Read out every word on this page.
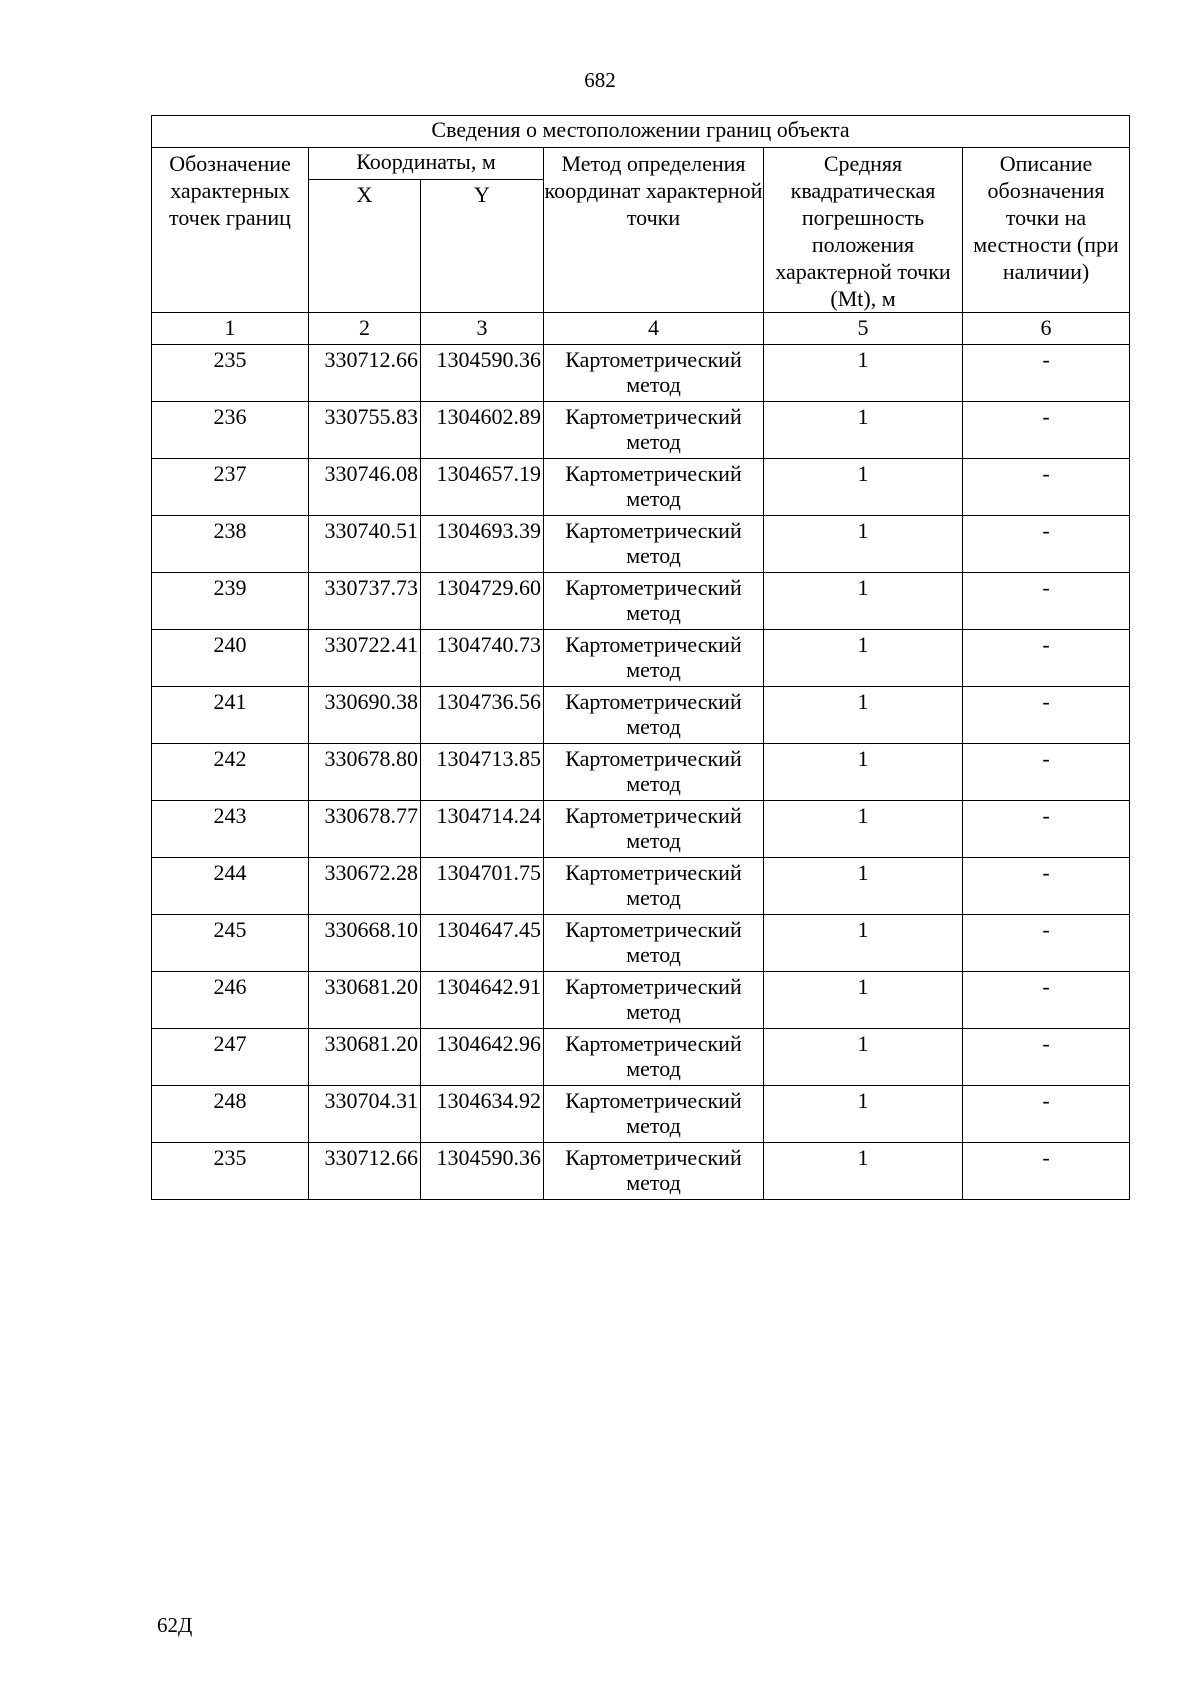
682
Сведения о местоположении границ объекта					

Обозначение характерных точек границ	Координаты, м		Метод определения координат характерной точки	Средняя квадратическая погрешность положения характерной точки (Mt), м	Описание обозначения точки на местности (при наличии)

	X	Y			

1	2	3	4	5	6

235	330712.66	1304590.36	Картометрический метод	1	-

236	330755.83	1304602.89	Картометрический метод	1	-

237	330746.08	1304657.19	Картометрический метод	1	-

238	330740.51	1304693.39	Картометрический метод	1	-

239	330737.73	1304729.60	Картометрический метод	1	-

240	330722.41	1304740.73	Картометрический метод	1	-

241	330690.38	1304736.56	Картометрический метод	1	-

242	330678.80	1304713.85	Картометрический метод	1	-

243	330678.77	1304714.24	Картометрический метод	1	-

244	330672.28	1304701.75	Картометрический метод	1	-

245	330668.10	1304647.45	Картометрический метод	1	-

246	330681.20	1304642.91	Картометрический метод	1	-

247	330681.20	1304642.96	Картометрический метод	1	-

248	330704.31	1304634.92	Картометрический метод	1	-

235	330712.66	1304590.36	Картометрический метод	1	-
62Д
